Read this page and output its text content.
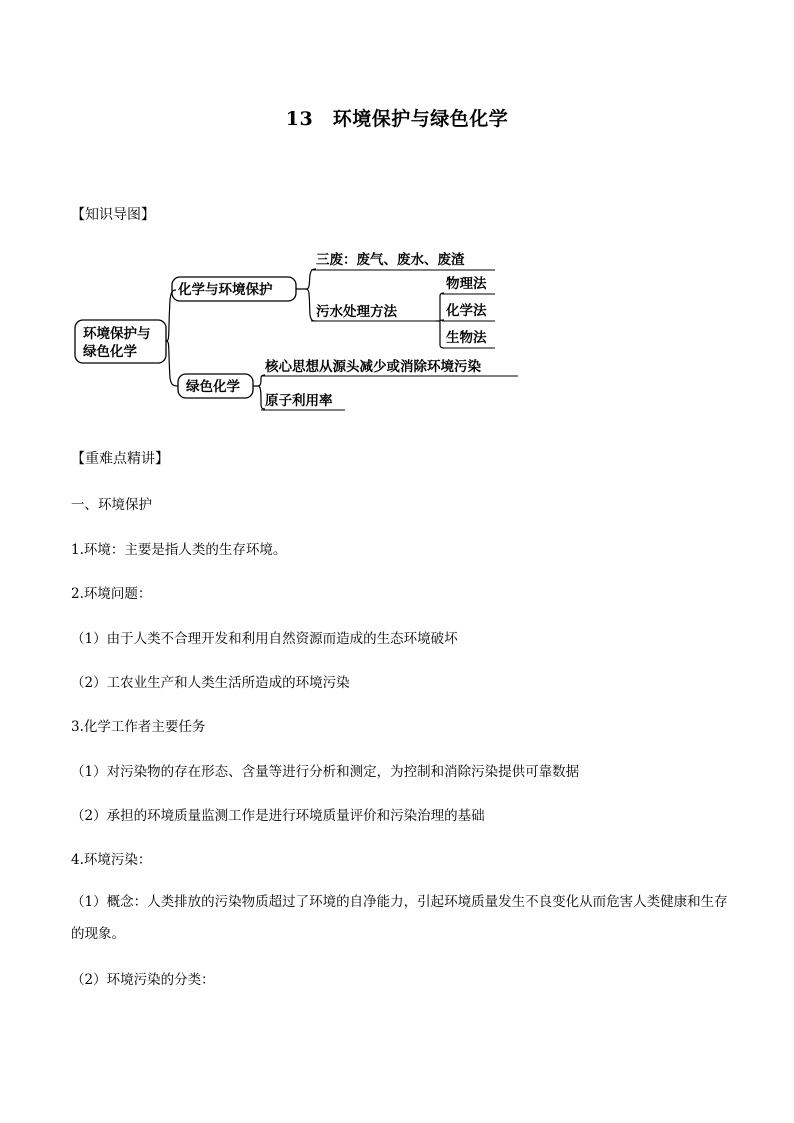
13　环境保护与绿色化学
【知识导图】
环境保护与
绿色化学
化学与环境保护
三废：废气、废水、废渣
污水处理方法
物理法
化学法
生物法
绿色化学
核心思想从源头减少或消除环境污染
原子利用率
【重难点精讲】
一、环境保护
1.环境：主要是指人类的生存环境。
2.环境问题：
（1）由于人类不合理开发和利用自然资源而造成的生态环境破坏
（2）工农业生产和人类生活所造成的环境污染
3.化学工作者主要任务
（1）对污染物的存在形态、含量等进行分析和测定，为控制和消除污染提供可靠数据
（2）承担的环境质量监测工作是进行环境质量评价和污染治理的基础
4.环境污染：
（1）概念：人类排放的污染物质超过了环境的自净能力，引起环境质量发生不良变化从而危害人类健康和生存的现象。
（2）环境污染的分类：
